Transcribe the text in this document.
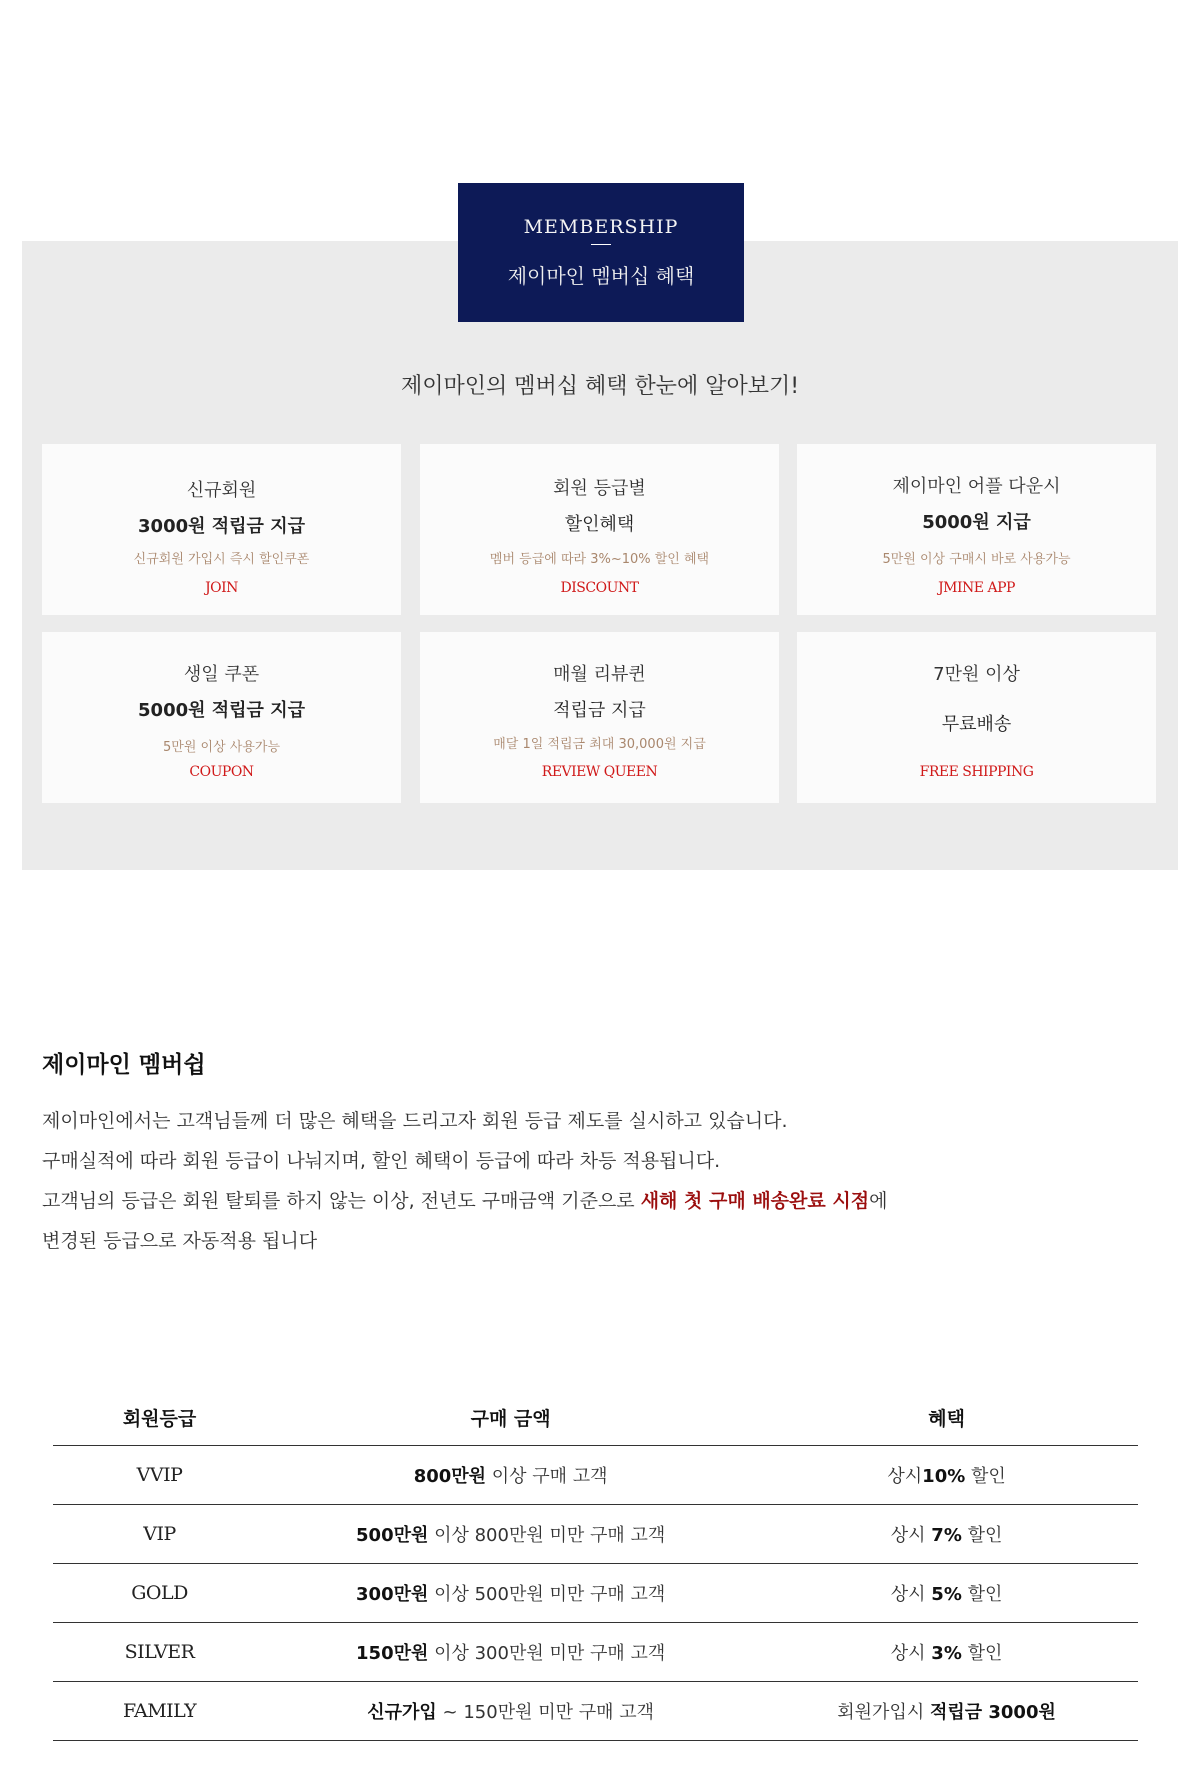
MEMBERSHIP
제이마인 멤버십 혜택
제이마인의 멤버십 혜택 한눈에 알아보기!
신규회원
3000원 적립금 지급
신규회원 가입시 즉시 할인쿠폰
JOIN
회원 등급별
할인혜택
멤버 등급에 따라 3%~10% 할인 혜택
DISCOUNT
제이마인 어플 다운시
5000원 지급
5만원 이상 구매시 바로 사용가능
JMINE APP
생일 쿠폰
5000원 적립금 지급
5만원 이상 사용가능
COUPON
매월 리뷰퀸
적립금 지급
매달 1일 적립금 최대 30,000원 지급
REVIEW QUEEN
7만원 이상
무료배송
FREE SHIPPING
제이마인 멤버쉽
제이마인에서는 고객님들께 더 많은 혜택을 드리고자 회원 등급 제도를 실시하고 있습니다.
구매실적에 따라 회원 등급이 나눠지며, 할인 혜택이 등급에 따라 차등 적용됩니다.
고객님의 등급은 회원 탈퇴를 하지 않는 이상, 전년도 구매금액 기준으로 새해 첫 구매 배송완료 시점에
변경된 등급으로 자동적용 됩니다
회원등급	구매 금액	혜택
VVIP	800만원 이상 구매 고객	상시10% 할인
VIP	500만원 이상 800만원 미만 구매 고객	상시 7% 할인
GOLD	300만원 이상 500만원 미만 구매 고객	상시 5% 할인
SILVER	150만원 이상 300만원 미만 구매 고객	상시 3% 할인
FAMILY	신규가입 ~ 150만원 미만 구매 고객	회원가입시 적립금 3000원
